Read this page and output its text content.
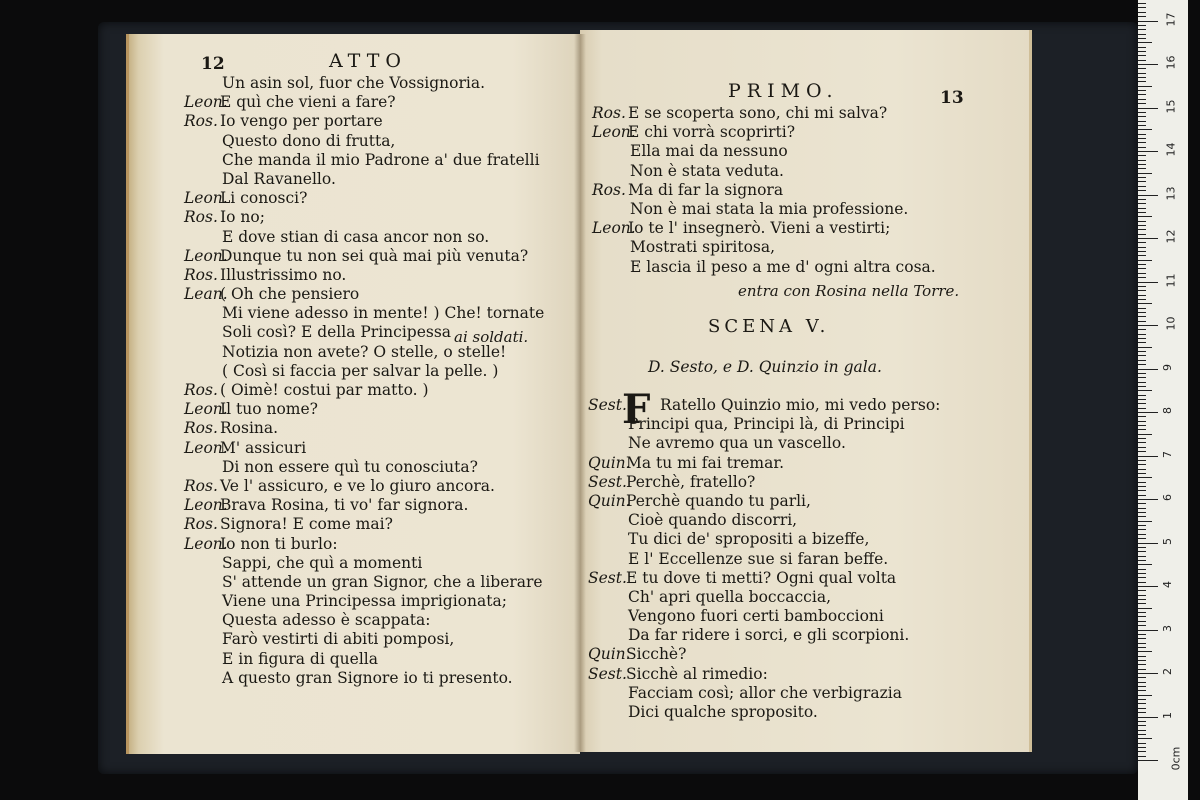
12	ATTO
Un asin sol, fuor che Vossignoria.
Leon.
E quì che vieni a fare?
Ros. Io vengo per portare
Questo dono di frutta,
Che manda il mio Padrone a' due fratelli
Dal Ravanello.
Leon.
Li conosci?
Ros. Io no;
E dove stian di casa ancor non so.
Leon.
Dunque tu non sei quà mai più venuta?
Ros. Illustrissimo no.
Lean.
( Oh che pensiero
Mi viene adesso in mente! ) Che! tornate
Soli così? E della Principessa
Notizia non avete? O stelle, o stelle!
( Così si faccia per salvar la pelle. )
Ros. ( Oimè! costui par matto. )
Leon.
Il tuo nome?
Ros. Rosina.
Leon.
M' assicuri
Di non essere quì tu conosciuta?
Ros. Ve l' assicuro, e ve lo giuro ancora.
Leon.
Brava Rosina, ti vo' far signora.
Ros. Signora! E come mai?
Leon.
Io non ti burlo:
Sappi, che quì a momenti
S' attende un gran Signor, che a liberare
Viene una Principessa imprigionata;
Questa adesso è scappata:
Farò vestirti di abiti pomposi,
E in figura di quella
A questo gran Signore io ti presento.
ai soldati.
PRIMO.	13
Ros. E se scoperta sono, chi mi salva?
Leon.
E chi vorrà scoprirti?
Ella mai da nessuno
Non è stata veduta.
Ros. Ma di far la signora
Non è mai stata la mia professione.
Leon.
Io te l' insegnerò. Vieni a vestirti;
Mostrati spiritosa,
E lascia il peso a me d' ogni altra cosa.
entra con Rosina nella Torre.
SCENA V.
D. Sesto, e D. Quinzio in gala.
F
Sest. Ratello Quinzio mio, mi vedo perso:
Principi qua, Principi là, di Principi
Ne avremo qua un vascello.
Quin.
Ma tu mi fai tremar.
Sest. Perchè, fratello?
Quin.
Perchè quando tu parli,
Cioè quando discorri,
Tu dici de' spropositi a bizeffe,
E l' Eccellenze sue si faran beffe.
Sest. E tu dove ti metti? Ogni qual volta
Ch' apri quella boccaccia,
Vengono fuori certi bamboccioni
Da far ridere i sorci, e gli scorpioni.
Quin.
Sicchè?
Sest. Sicchè al rimedio:
Facciam così; allor che verbigrazia
Dici qualche sproposito.
0cm
1
2
3
4
5
6
7
8
9
10
11
12
13
14
15
16
17
